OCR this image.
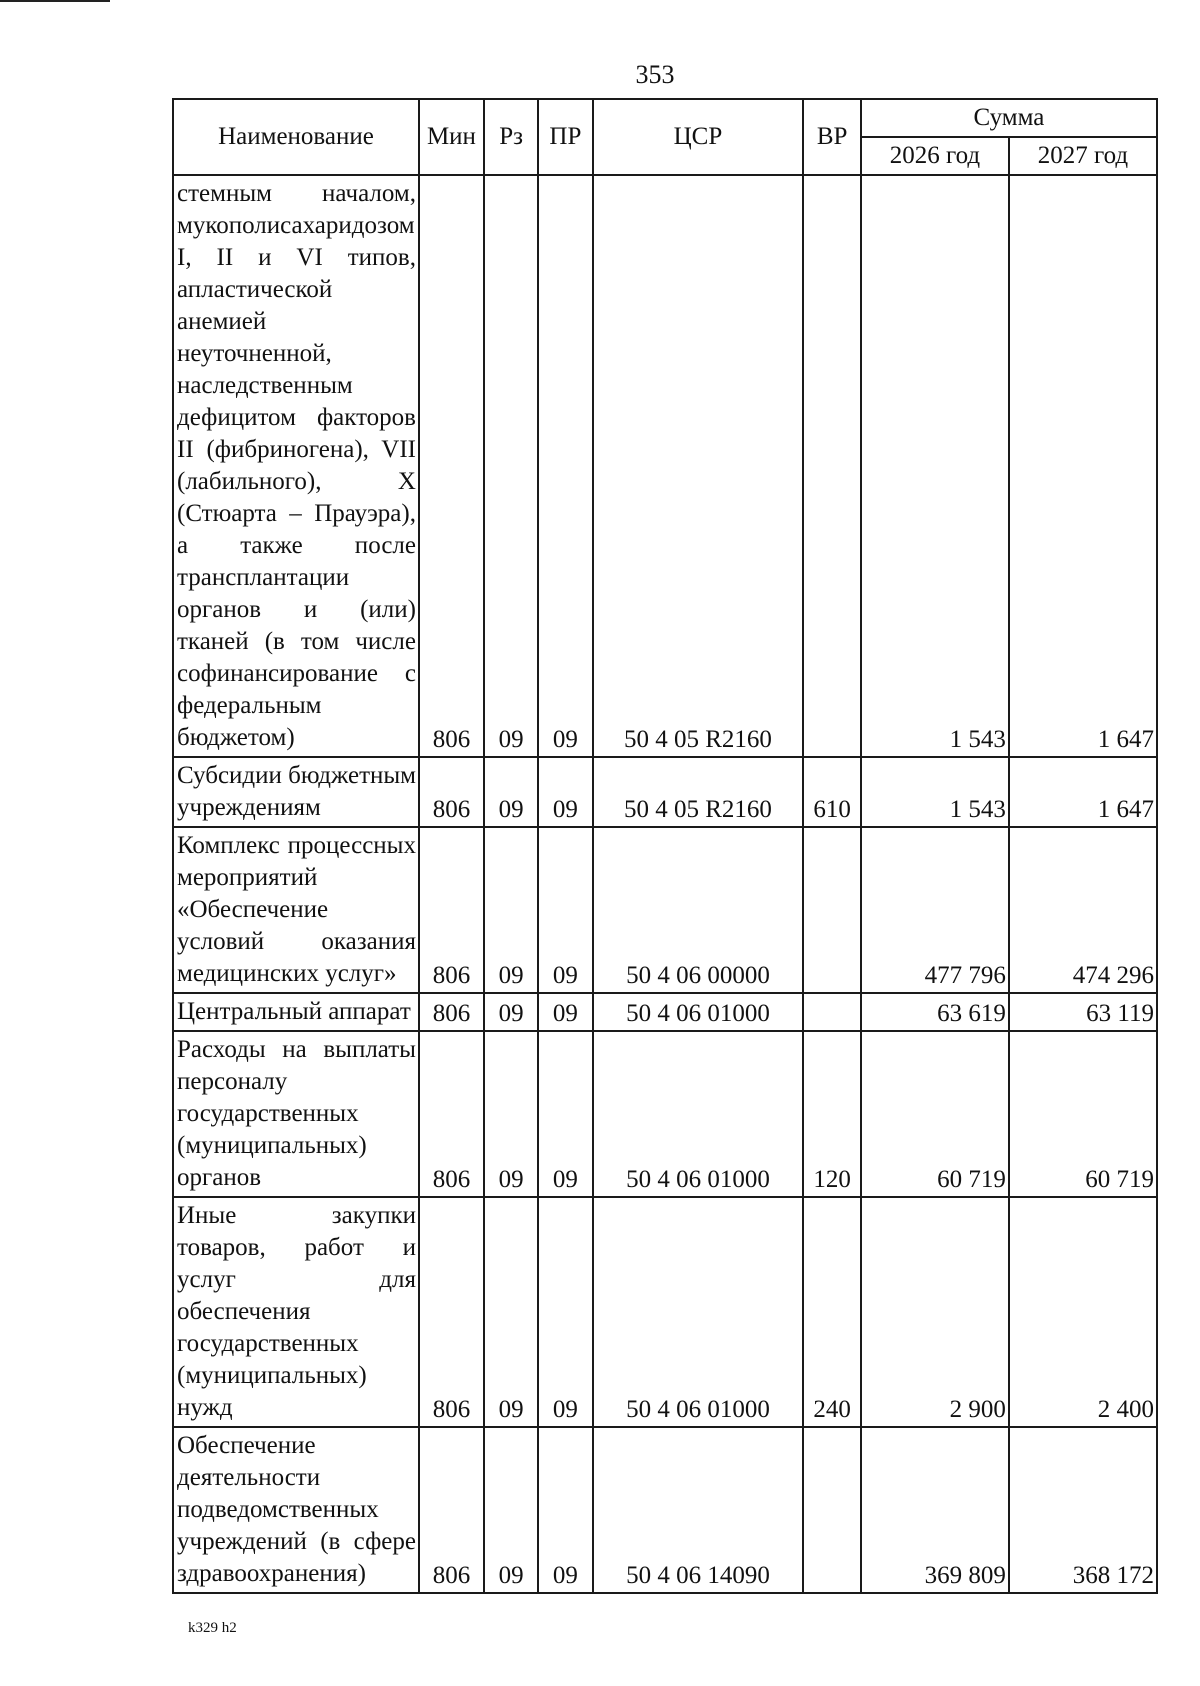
353
Наименование	Мин	Рз	ПР	ЦСР	ВР	Сумма	
						2026 год	2027 год
стемным началом, мукополисахаридозом I, II и VI типов, апластической анемией неуточненной, наследственным дефицитом факторов II (фибриногена), VII (лабильного), X (Стюарта – Прауэра), а также после трансплантации органов и (или) тканей (в том числе софинансирование с федеральным бюджетом)	806	09	09	50 4 05 R2160		1 543	1 647
Субсидии бюджетным учреждениям	806	09	09	50 4 05 R2160	610	1 543	1 647
Комплекс процессных мероприятий «Обеспечение условий оказания медицинских услуг»	806	09	09	50 4 06 00000		477 796	474 296
Центральный аппарат	806	09	09	50 4 06 01000		63 619	63 119
Расходы на выплаты персоналу государственных (муниципальных) органов	806	09	09	50 4 06 01000	120	60 719	60 719
Иные закупки товаров, работ и услуг для обеспечения государственных (муниципальных) нужд	806	09	09	50 4 06 01000	240	2 900	2 400
Обеспечение деятельности подведомственных учреждений (в сфере здравоохранения)	806	09	09	50 4 06 14090		369 809	368 172
k329 h2
